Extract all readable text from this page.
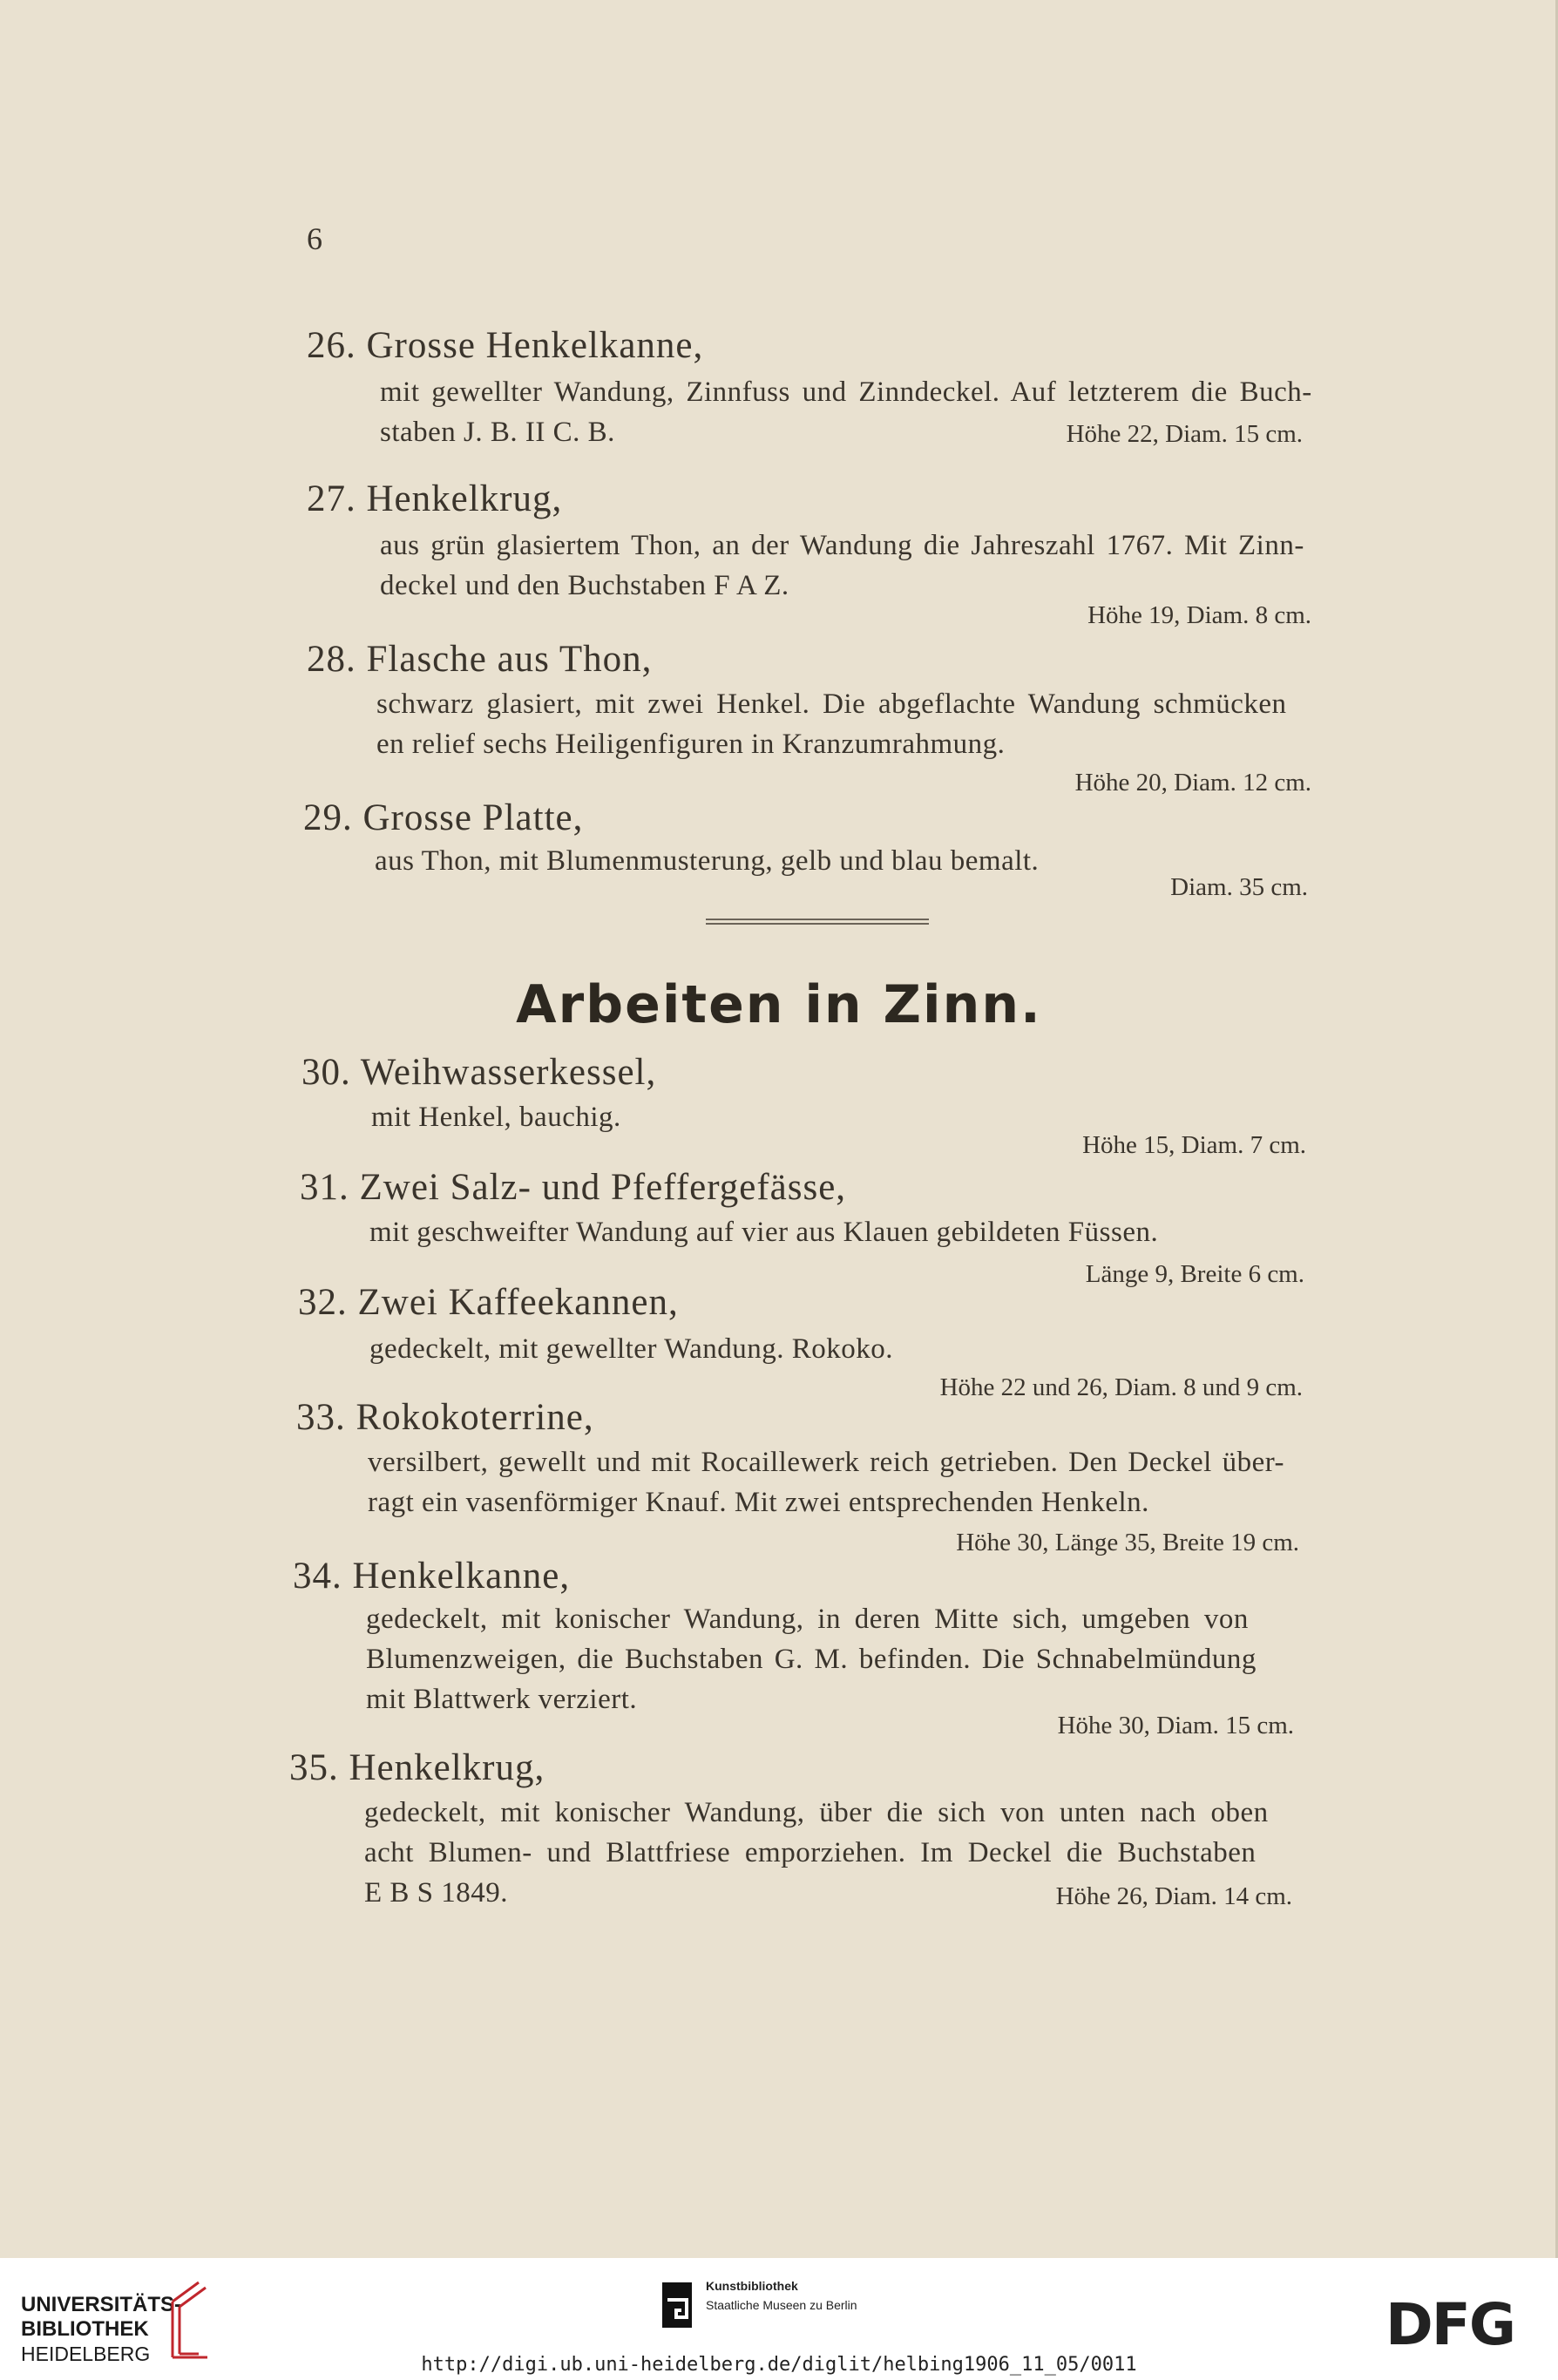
6
26. Grosse Henkelkanne,
mit gewellter Wandung, Zinnfuss und Zinndeckel. Auf letzterem die Buch-
staben J. B. II C. B.	Höhe 22, Diam. 15 cm.
27. Henkelkrug,
aus grün glasiertem Thon, an der Wandung die Jahreszahl 1767. Mit Zinn-
deckel und den Buchstaben F A Z.
Höhe 19, Diam. 8 cm.
28. Flasche aus Thon,
schwarz glasiert, mit zwei Henkel. Die abgeflachte Wandung schmücken
en relief sechs Heiligenfiguren in Kranzumrahmung.
Höhe 20, Diam. 12 cm.
29. Grosse Platte,
aus Thon, mit Blumenmusterung, gelb und blau bemalt.
Diam. 35 cm.
Arbeiten in Zinn.
30. Weihwasserkessel,
mit Henkel, bauchig.
Höhe 15, Diam. 7 cm.
31. Zwei Salz- und Pfeffergefässe,
mit geschweifter Wandung auf vier aus Klauen gebildeten Füssen.
Länge 9, Breite 6 cm.
32. Zwei Kaffeekannen,
gedeckelt, mit gewellter Wandung. Rokoko.
Höhe 22 und 26, Diam. 8 und 9 cm.
33. Rokokoterrine,
versilbert, gewellt und mit Rocaillewerk reich getrieben. Den Deckel über-
ragt ein vasenförmiger Knauf. Mit zwei entsprechenden Henkeln.
Höhe 30, Länge 35, Breite 19 cm.
34. Henkelkanne,
gedeckelt, mit konischer Wandung, in deren Mitte sich, umgeben von
Blumenzweigen, die Buchstaben G. M. befinden. Die Schnabelmündung
mit Blattwerk verziert.
Höhe 30, Diam. 15 cm.
35. Henkelkrug,
gedeckelt, mit konischer Wandung, über die sich von unten nach oben
acht Blumen- und Blattfriese emporziehen. Im Deckel die Buchstaben
E B S 1849.	Höhe 26, Diam. 14 cm.
UNIVERSITÄTS-
BIBLIOTHEK
HEIDELBERG
Kunstbibliothek
Staatliche Museen zu Berlin	DFG
http://digi.ub.uni-heidelberg.de/diglit/helbing1906_11_05/0011
